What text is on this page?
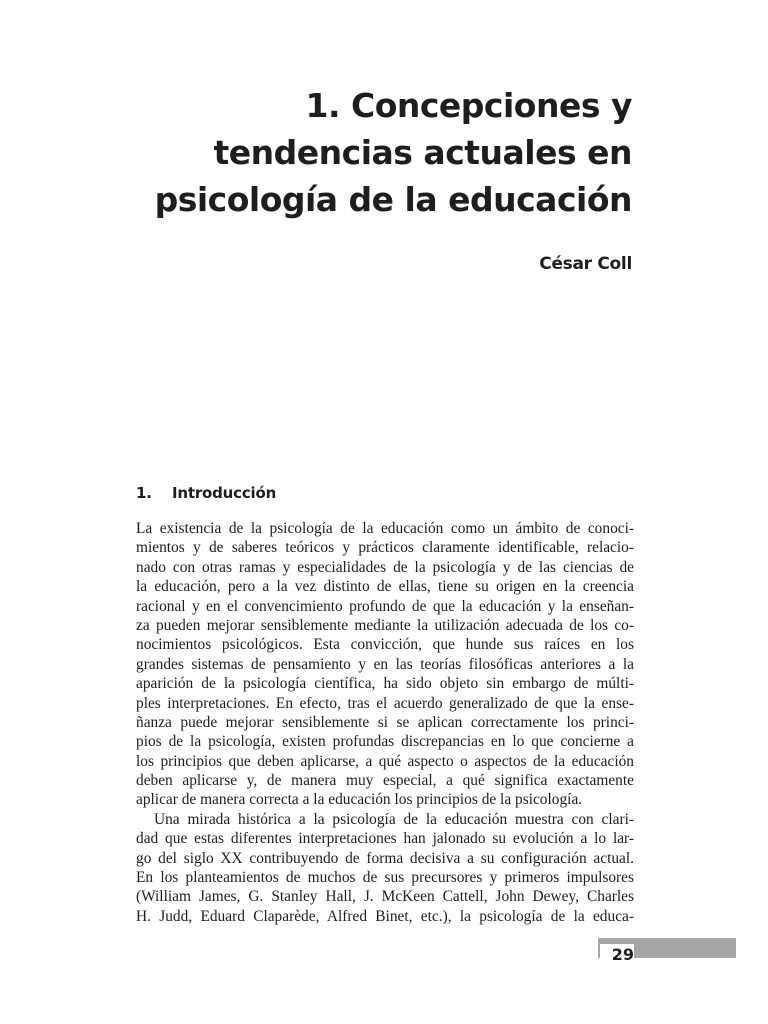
1. Concepciones y
tendencias actuales en
psicología de la educación
César Coll
1. Introducción
La existencia de la psicología de la educación como un ámbito de conoci-
mientos y de saberes teóricos y prácticos claramente identificable, relacio-
nado con otras ramas y especialidades de la psicología y de las ciencias de
la educación, pero a la vez distinto de ellas, tiene su origen en la creencia
racional y en el convencimiento profundo de que la educación y la enseñan-
za pueden mejorar sensiblemente mediante la utilización adecuada de los co-
nocimientos psicológicos. Esta convicción, que hunde sus raíces en los
grandes sistemas de pensamiento y en las teorías filosóficas anteriores a la
aparición de la psicología científica, ha sido objeto sin embargo de múlti-
ples interpretaciones. En efecto, tras el acuerdo generalizado de que la ense-
ñanza puede mejorar sensiblemente si se aplican correctamente los princi-
pios de la psicología, existen profundas discrepancias en lo que concierne a
los principios que deben aplicarse, a qué aspecto o aspectos de la educación
deben aplicarse y, de manera muy especial, a qué significa exactamente
aplicar de manera correcta a la educación los principios de la psicología.
Una mirada histórica a la psicología de la educación muestra con clari-
dad que estas diferentes interpretaciones han jalonado su evolución a lo lar-
go del siglo XX contribuyendo de forma decisiva a su configuración actual.
En los planteamientos de muchos de sus precursores y primeros impulsores
(William James, G. Stanley Hall, J. McKeen Cattell, John Dewey, Charles
H. Judd, Eduard Claparède, Alfred Binet, etc.), la psicología de la educa-
29
